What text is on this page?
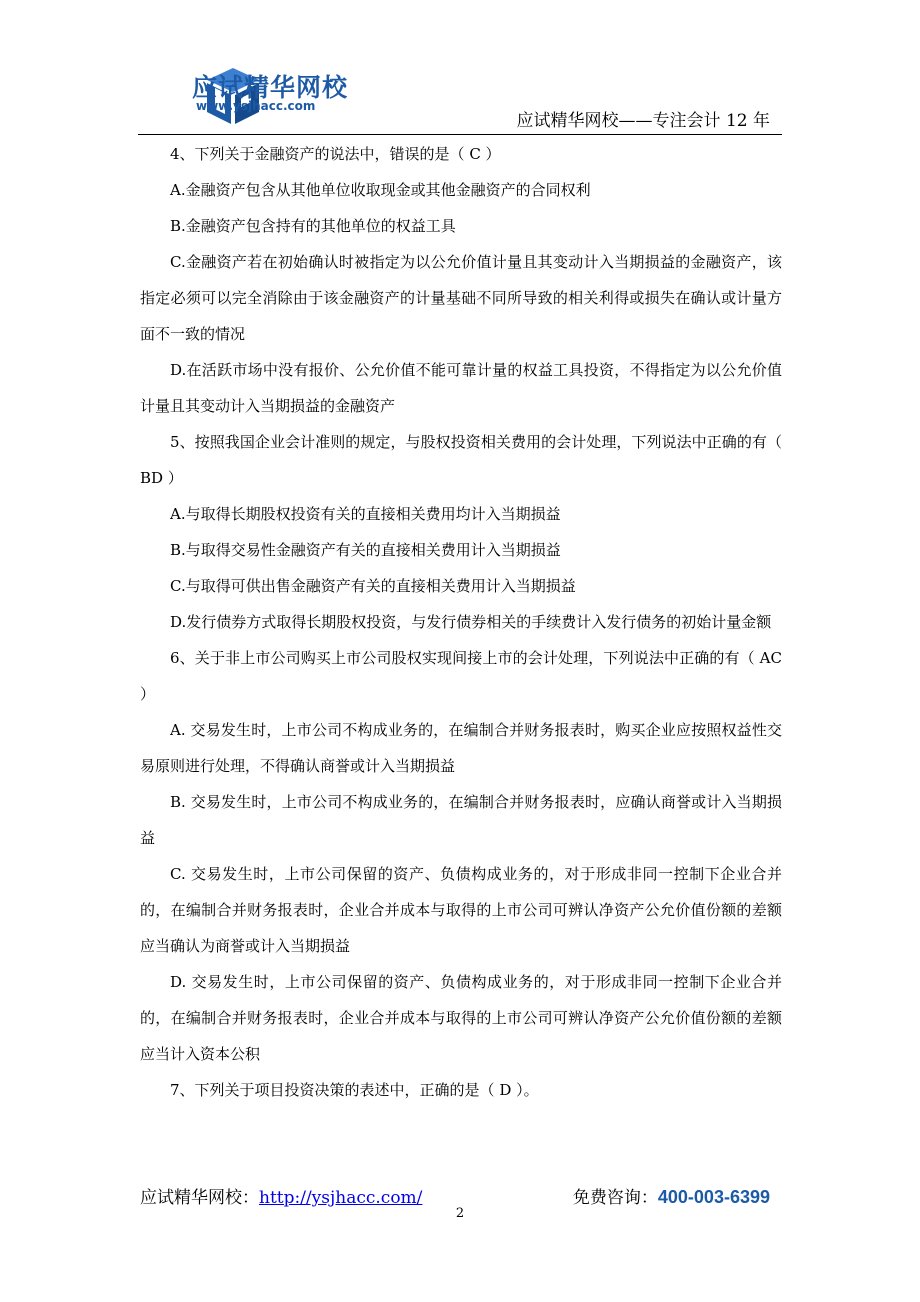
应试精华网校
www.ysjhacc.com
应试精华网校——专注会计 12 年

4、下列关于金融资产的说法中，错误的是（ C ）

A.金融资产包含从其他单位收取现金或其他金融资产的合同权利

B.金融资产包含持有的其他单位的权益工具

C.金融资产若在初始确认时被指定为以公允价值计量且其变动计入当期损益的金融资产，该指定必须可以完全消除由于该金融资产的计量基础不同所导致的相关利得或损失在确认或计量方面不一致的情况

D.在活跃市场中没有报价、公允价值不能可靠计量的权益工具投资，不得指定为以公允价值计量且其变动计入当期损益的金融资产

5、按照我国企业会计准则的规定，与股权投资相关费用的会计处理，下列说法中正确的有（ BD ）

A.与取得长期股权投资有关的直接相关费用均计入当期损益

B.与取得交易性金融资产有关的直接相关费用计入当期损益

C.与取得可供出售金融资产有关的直接相关费用计入当期损益

D.发行债券方式取得长期股权投资，与发行债券相关的手续费计入发行债务的初始计量金额

6、关于非上市公司购买上市公司股权实现间接上市的会计处理，下列说法中正确的有（ AC ）

A. 交易发生时，上市公司不构成业务的，在编制合并财务报表时，购买企业应按照权益性交易原则进行处理，不得确认商誉或计入当期损益

B. 交易发生时，上市公司不构成业务的，在编制合并财务报表时，应确认商誉或计入当期损益

C. 交易发生时，上市公司保留的资产、负债构成业务的，对于形成非同一控制下企业合并的，在编制合并财务报表时，企业合并成本与取得的上市公司可辨认净资产公允价值份额的差额应当确认为商誉或计入当期损益

D. 交易发生时，上市公司保留的资产、负债构成业务的，对于形成非同一控制下企业合并的，在编制合并财务报表时，企业合并成本与取得的上市公司可辨认净资产公允价值份额的差额应当计入资本公积

7、下列关于项目投资决策的表述中，正确的是（ D ）。

应试精华网校：http://ysjhacc.com/	免费咨询：400-003-6399
2
